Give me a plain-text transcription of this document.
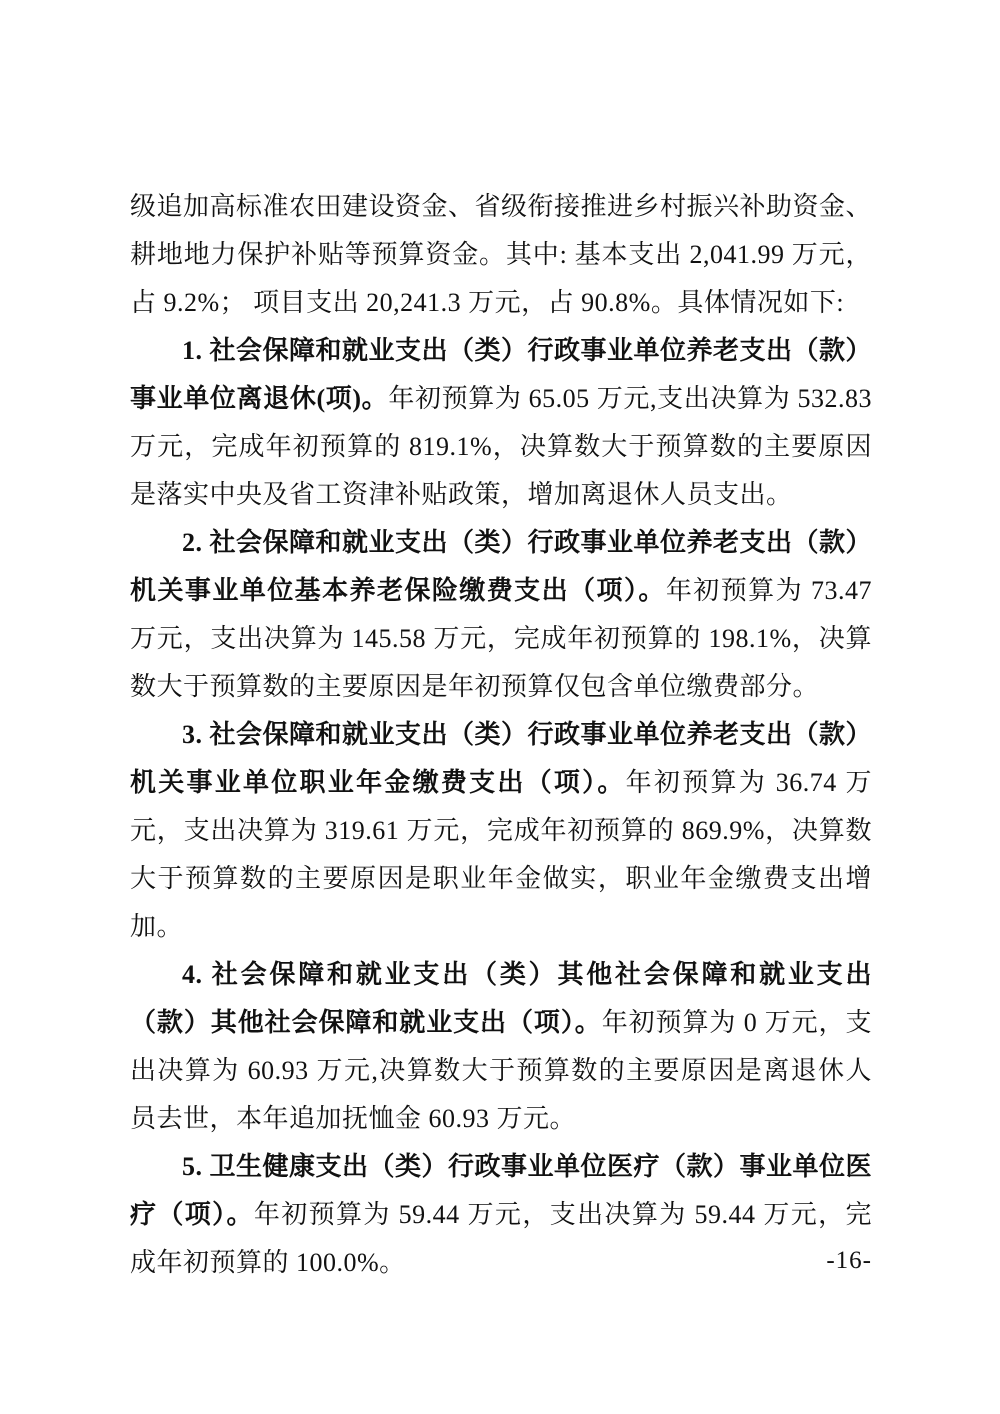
级追加高标准农田建设资金、省级衔接推进乡村振兴补助资金、耕地地力保护补贴等预算资金。其中: 基本支出 2,041.99 万元，占 9.2%； 项目支出 20,241.3 万元，占 90.8%。具体情况如下:

1. 社会保障和就业支出（类）行政事业单位养老支出（款）事业单位离退休(项)。年初预算为 65.05 万元,支出决算为 532.83 万元，完成年初预算的 819.1%，决算数大于预算数的主要原因是落实中央及省工资津补贴政策，增加离退休人员支出。

2. 社会保障和就业支出（类）行政事业单位养老支出（款）机关事业单位基本养老保险缴费支出（项）。年初预算为 73.47 万元，支出决算为 145.58 万元，完成年初预算的 198.1%，决算数大于预算数的主要原因是年初预算仅包含单位缴费部分。

3. 社会保障和就业支出（类）行政事业单位养老支出（款）机关事业单位职业年金缴费支出（项）。年初预算为 36.74 万元，支出决算为 319.61 万元，完成年初预算的 869.9%，决算数大于预算数的主要原因是职业年金做实，职业年金缴费支出增加。

4. 社会保障和就业支出（类）其他社会保障和就业支出（款）其他社会保障和就业支出（项）。年初预算为 0 万元，支出决算为 60.93 万元,决算数大于预算数的主要原因是离退休人员去世，本年追加抚恤金 60.93 万元。

5. 卫生健康支出（类）行政事业单位医疗（款）事业单位医疗（项）。年初预算为 59.44 万元，支出决算为 59.44 万元，完成年初预算的 100.0%。	-16-
